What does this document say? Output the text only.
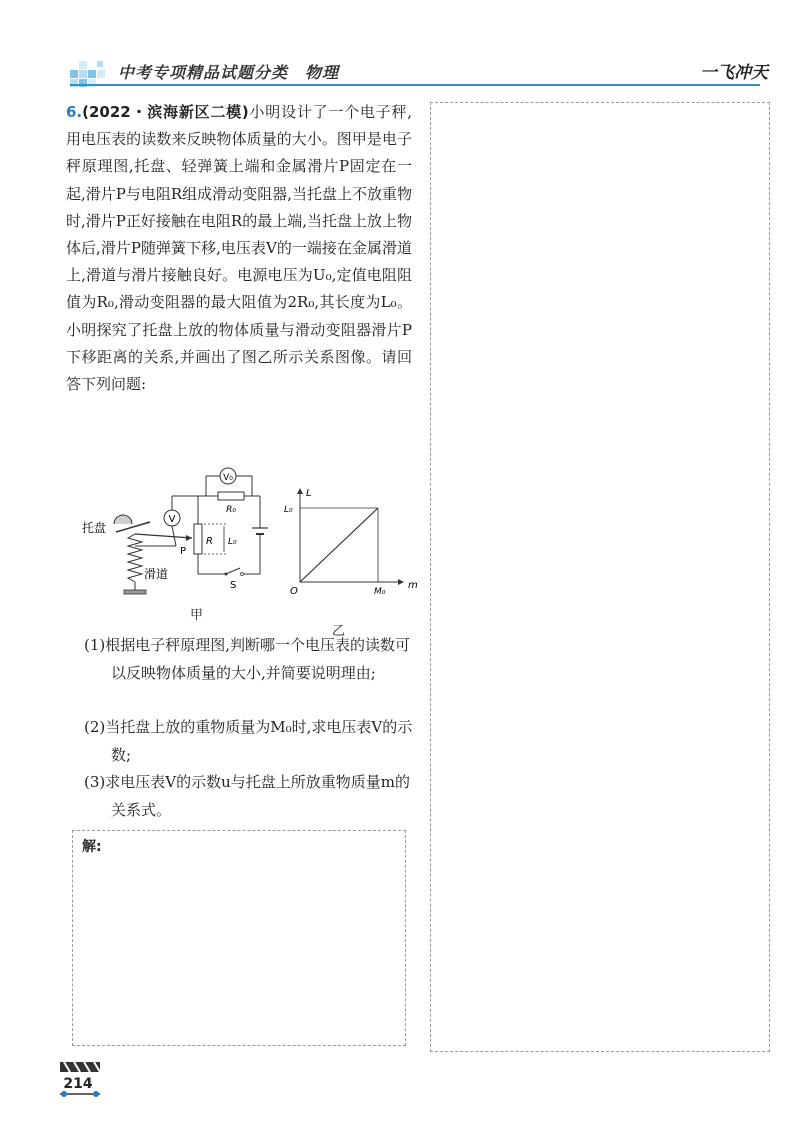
中考专项精品试题分类　物理	一飞冲天
6.(2022・滨海新区二模)小明设计了一个电子秤,用电压表的读数来反映物体质量的大小。图甲是电子秤原理图,托盘、轻弹簧上端和金属滑片P固定在一起,滑片P与电阻R组成滑动变阻器,当托盘上不放重物时,滑片P正好接触在电阻R的最上端,当托盘上放上物体后,滑片P随弹簧下移,电压表V的一端接在金属滑道上,滑道与滑片接触良好。电源电压为U₀,定值电阻阻值为R₀,滑动变阻器的最大阻值为2R₀,其长度为L₀。小明探究了托盘上放的物体质量与滑动变阻器滑片P下移距离的关系,并画出了图乙所示关系图像。请回答下列问题:
V
R₀
V₀
R
P
L₀
S
托盘
滑道
甲
L
m
L₀
M₀
O
乙
(1)根据电子秤原理图,判断哪一个电压表的读数可以反映物体质量的大小,并简要说明理由;
(2)当托盘上放的重物质量为M₀时,求电压表V的示数;
(3)求电压表V的示数u与托盘上所放重物质量m的关系式。
解:
214
